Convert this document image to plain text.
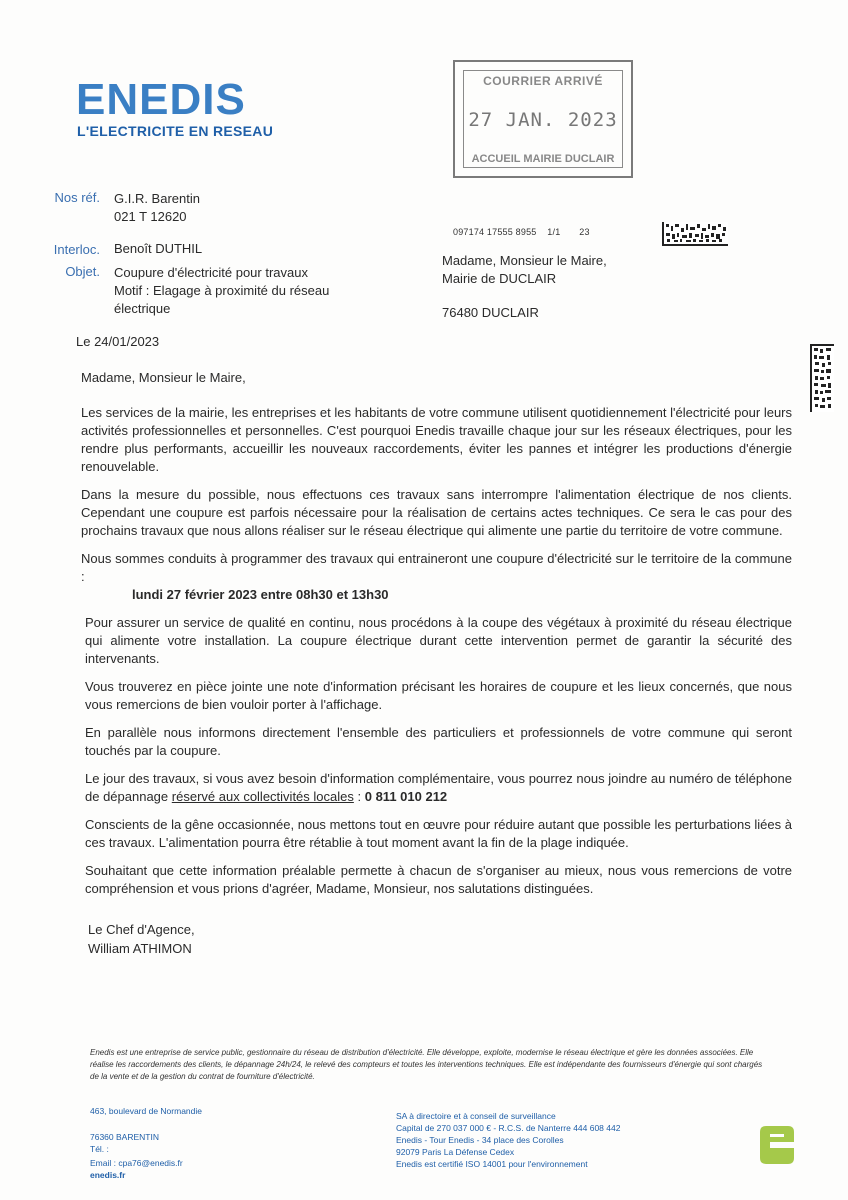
ENEDIS
L'ELECTRICITE EN RESEAU
COURRIER ARRIVÉ
27 JAN. 2023
ACCUEIL MAIRIE DUCLAIR
Nos réf. G.I.R. Barentin
021 T 12620
Interloc. Benoît DUTHIL
Objet. Coupure d'électricité pour travaux
Motif : Elagage à proximité du réseau
électrique
097174 17555 8955    1/1       23
Madame, Monsieur le Maire,
Mairie de DUCLAIR
76480 DUCLAIR

Le 24/01/2023

Madame, Monsieur le Maire,

Les services de la mairie, les entreprises et les habitants de votre commune utilisent quotidiennement l'électricité pour leurs activités professionnelles et personnelles. C'est pourquoi Enedis travaille chaque jour sur les réseaux électriques, pour les rendre plus performants, accueillir les nouveaux raccordements, éviter les pannes et intégrer les productions d'énergie renouvelable.

Dans la mesure du possible, nous effectuons ces travaux sans interrompre l'alimentation électrique de nos clients. Cependant une coupure est parfois nécessaire pour la réalisation de certains actes techniques. Ce sera le cas pour des prochains travaux que nous allons réaliser sur le réseau électrique qui alimente une partie du territoire de votre commune.

Nous sommes conduits à programmer des travaux qui entraineront une coupure d'électricité sur le territoire de la commune :

lundi 27 février 2023 entre 08h30 et 13h30

Pour assurer un service de qualité en continu, nous procédons à la coupe des végétaux à proximité du réseau électrique qui alimente votre installation. La coupure électrique durant cette intervention permet de garantir la sécurité des intervenants.

Vous trouverez en pièce jointe une note d'information précisant les horaires de coupure et les lieux concernés, que nous vous remercions de bien vouloir porter à l'affichage.

En parallèle nous informons directement l'ensemble des particuliers et professionnels de votre commune qui seront touchés par la coupure.

Le jour des travaux, si vous avez besoin d'information complémentaire, vous pourrez nous joindre au numéro de téléphone de dépannage réservé aux collectivités locales : 0 811 010 212

Conscients de la gêne occasionnée, nous mettons tout en œuvre pour réduire autant que possible les perturbations liées à ces travaux. L'alimentation pourra être rétablie à tout moment avant la fin de la plage indiquée.

Souhaitant que cette information préalable permette à chacun de s'organiser au mieux, nous vous remercions de votre compréhension et vous prions d'agréer, Madame, Monsieur, nos salutations distinguées.

Le Chef d'Agence,
William ATHIMON
Enedis est une entreprise de service public, gestionnaire du réseau de distribution d'électricité. Elle développe, exploite, modernise le réseau électrique et gère les données associées. Elle réalise les raccordements des clients, le dépannage 24h/24, le relevé des compteurs et toutes les interventions techniques. Elle est indépendante des fournisseurs d'énergie qui sont chargés de la vente et de la gestion du contrat de fourniture d'électricité.
463, boulevard de Normandie
76360 BARENTIN
Tél. :
Email : cpa76@enedis.fr
enedis.fr
SA à directoire et à conseil de surveillance
Capital de 270 037 000 € - R.C.S. de Nanterre 444 608 442
Enedis - Tour Enedis - 34 place des Corolles
92079 Paris La Défense Cedex
Enedis est certifié ISO 14001 pour l'environnement
